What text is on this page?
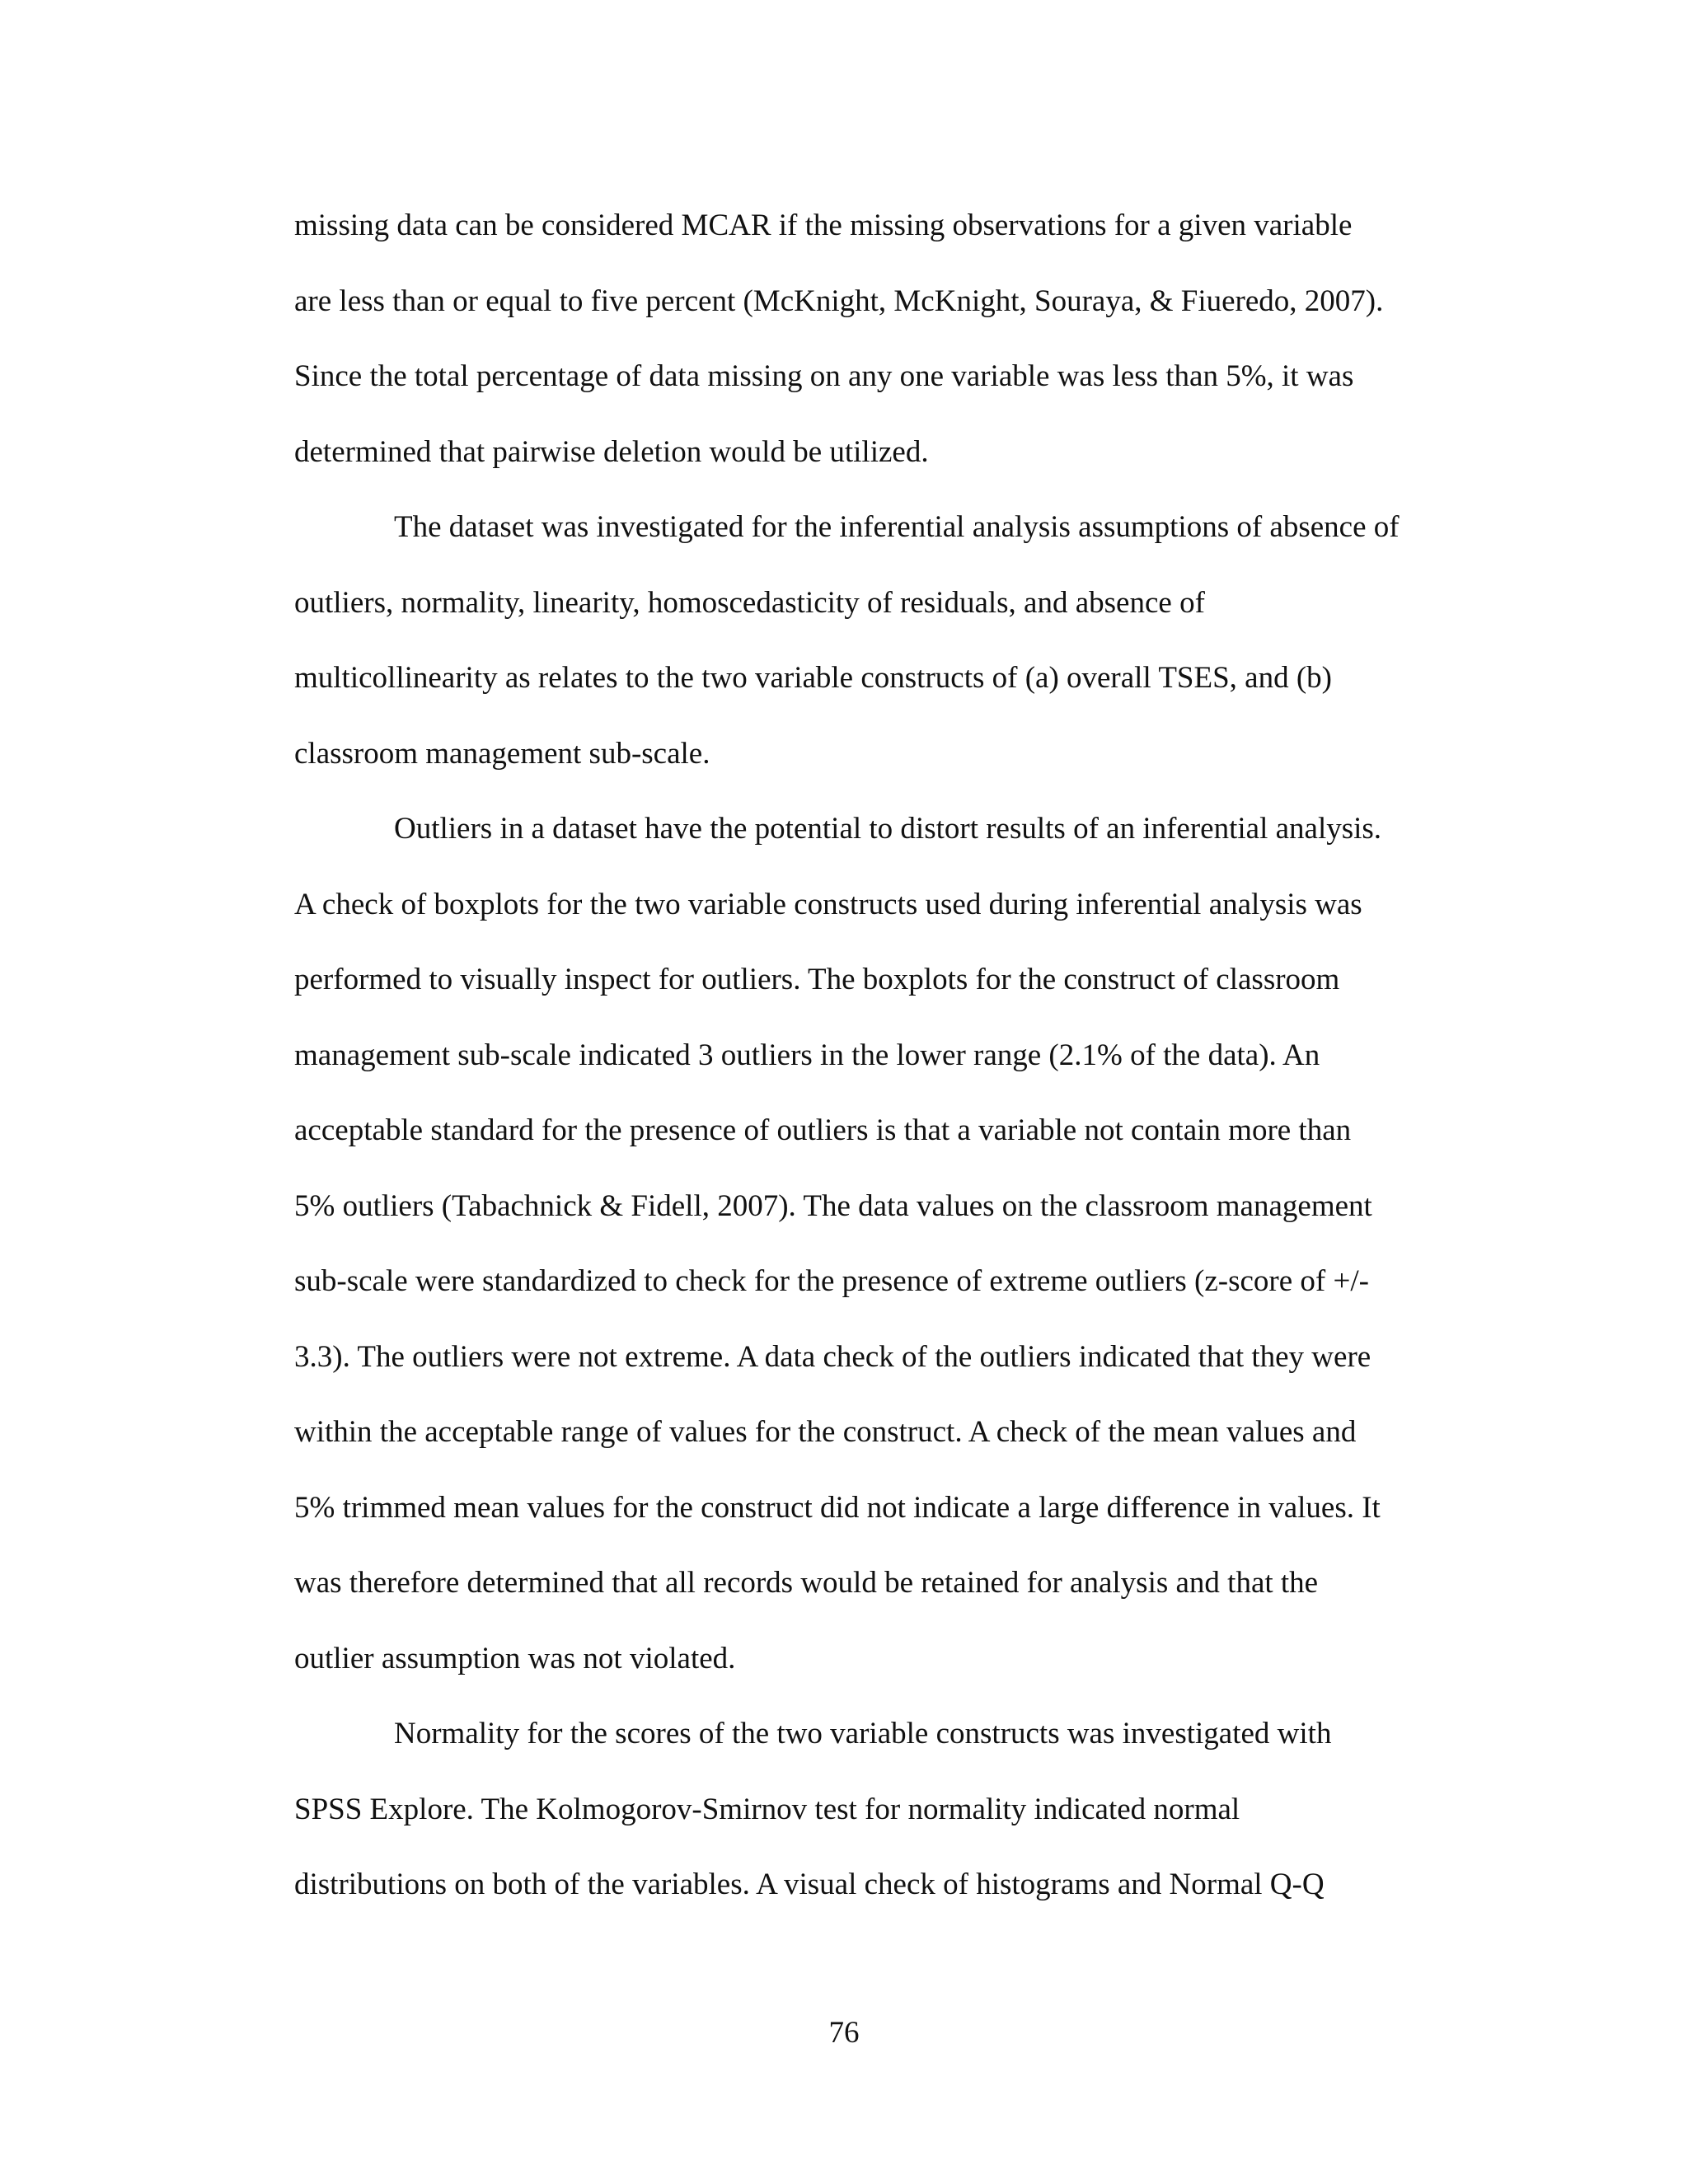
missing data can be considered MCAR if the missing observations for a given variable
are less than or equal to five percent (McKnight, McKnight, Souraya, & Fiueredo, 2007).
Since the total percentage of data missing on any one variable was less than 5%, it was
determined that pairwise deletion would be utilized.
The dataset was investigated for the inferential analysis assumptions of absence of
outliers, normality, linearity, homoscedasticity of residuals, and absence of
multicollinearity as relates to the two variable constructs of (a) overall TSES, and (b)
classroom management sub-scale.
Outliers in a dataset have the potential to distort results of an inferential analysis.
A check of boxplots for the two variable constructs used during inferential analysis was
performed to visually inspect for outliers. The boxplots for the construct of classroom
management sub-scale indicated 3 outliers in the lower range (2.1% of the data). An
acceptable standard for the presence of outliers is that a variable not contain more than
5% outliers (Tabachnick & Fidell, 2007). The data values on the classroom management
sub-scale were standardized to check for the presence of extreme outliers (z-score of +/-
3.3). The outliers were not extreme. A data check of the outliers indicated that they were
within the acceptable range of values for the construct. A check of the mean values and
5% trimmed mean values for the construct did not indicate a large difference in values. It
was therefore determined that all records would be retained for analysis and that the
outlier assumption was not violated.
Normality for the scores of the two variable constructs was investigated with
SPSS Explore. The Kolmogorov-Smirnov test for normality indicated normal
distributions on both of the variables. A visual check of histograms and Normal Q-Q
76
